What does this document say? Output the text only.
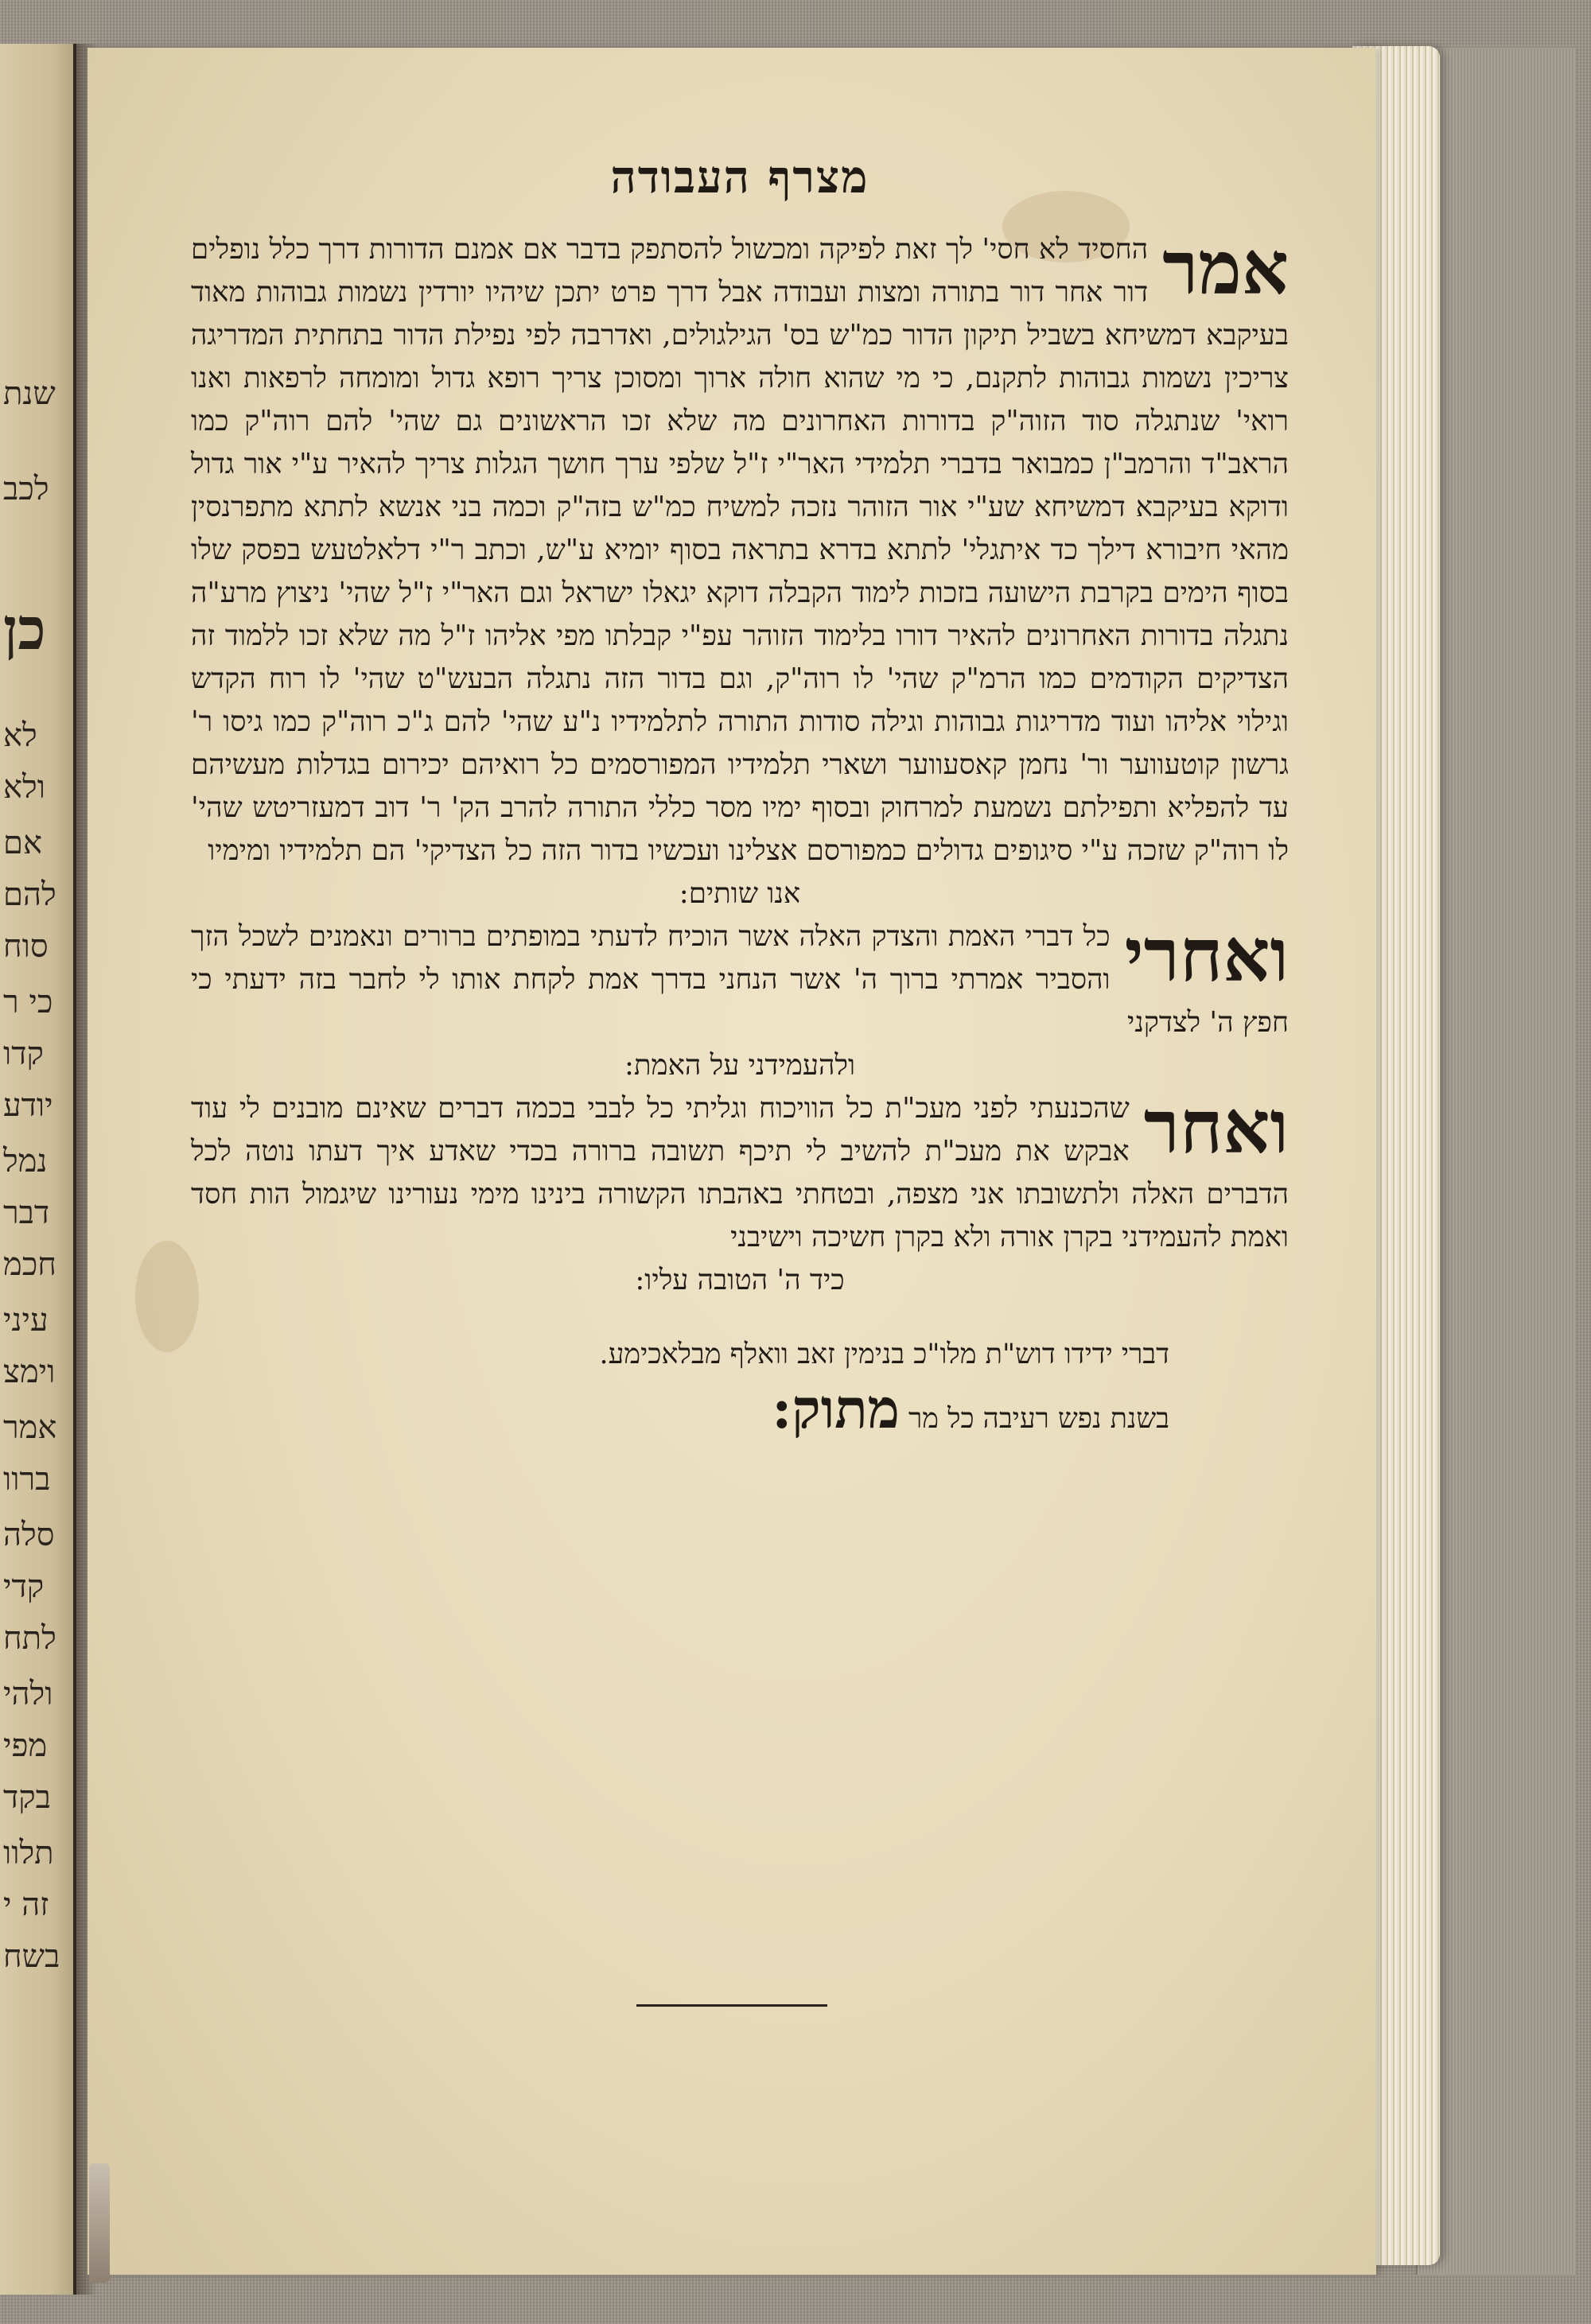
שנת
לכב
כן
לא
ולא
אם
להם
סוח
כי ר
קדו
יודע
נמל
דבר
חכמ
עיני
וימצ
אמר
ברוו
סלה
קדי
לתח
ולהי
מפי
בקד
תלוו
זה י
בשח
מצרף העבודה

אמר
החסיד לא חסי' לך זאת לפיקה ומכשול להסתפק בדבר אם אמנם הדורות דרך כלל נופלים דור אחר דור בתורה ומצות ועבודה אבל דרך פרט יתכן שיהיו יורדין נשמות גבוהות מאוד בעיקבא דמשיחא בשביל תיקון הדור כמ"ש בס' הגילגולים, ואדרבה לפי נפילת הדור בתחתית המדריגה צריכין נשמות גבוהות לתקנם, כי מי שהוא חולה ארוך ומסוכן צריך רופא גדול ומומחה לרפאות ואנו רואי' שנתגלה סוד הזוה"ק בדורות האחרונים מה שלא זכו הראשונים גם שהי' להם רוה"ק כמו הראב"ד והרמב"ן כמבואר בדברי תלמידי האר"י ז"ל שלפי ערך חושך הגלות צריך להאיר ע"י אור גדול ודוקא בעיקבא דמשיחא שע"י אור הזוהר נזכה למשיח כמ"ש בזה"ק וכמה בני אנשא לתתא מתפרנסין מהאי חיבורא דילך כד איתגלי' לתתא בדרא בתראה בסוף יומיא ע"ש, וכתב ר"י דלאלטעש בפסק שלו בסוף הימים בקרבת הישועה בזכות לימוד הקבלה דוקא יגאלו ישראל וגם האר"י ז"ל שהי' ניצוץ מרע"ה נתגלה בדורות האחרונים להאיר דורו בלימוד הזוהר עפ"י קבלתו מפי אליהו ז"ל מה שלא זכו ללמוד זה הצדיקים הקודמים כמו הרמ"ק שהי' לו רוה"ק, וגם בדור הזה נתגלה הבעש"ט שהי' לו רוח הקדש וגילוי אליהו ועוד מדריגות גבוהות וגילה סודות התורה לתלמידיו נ"ע שהי' להם ג"כ רוה"ק כמו גיסו ר' גרשון קוטעווער ור' נחמן קאסעווער ושארי תלמידיו המפורסמים כל רואיהם יכירום בגדלות מעשיהם עד להפליא ותפילתם נשמעת למרחוק ובסוף ימיו מסר כללי התורה להרב הק' ר' דוב דמעזריטש שהי' לו רוה"ק שזכה ע"י סיגופים גדולים כמפורסם אצלינו ועכשיו בדור הזה כל הצדיקי' הם תלמידיו ומימיו

אנו שותים:

ואחרי
כל דברי האמת והצדק האלה אשר הוכיח לדעתי במופתים ברורים ונאמנים לשכל הזך והסביר אמרתי ברוך ה' אשר הנחני בדרך אמת לקחת אותו לי לחבר בזה ידעתי כי חפץ ה' לצדקני

ולהעמידני על האמת:

ואחר
שהכנעתי לפני מעכ"ת כל הוויכוח וגליתי כל לבבי בכמה דברים שאינם מובנים לי עוד אבקש את מעכ"ת להשיב לי תיכף תשובה ברורה בכדי שאדע איך דעתו נוטה לכל הדברים האלה ולתשובתו אני מצפה, ובטחתי באהבתו הקשורה בינינו מימי נעורינו שיגמול הות חסד ואמת להעמידני בקרן אורה ולא בקרן חשיכה וישיבני

כיד ה' הטובה עליו:

דברי ידידו דוש"ת מלו"כ בנימין זאב וואלף מבלאכימע.
בשנת נפש רעיבה כל מר מתוק:
